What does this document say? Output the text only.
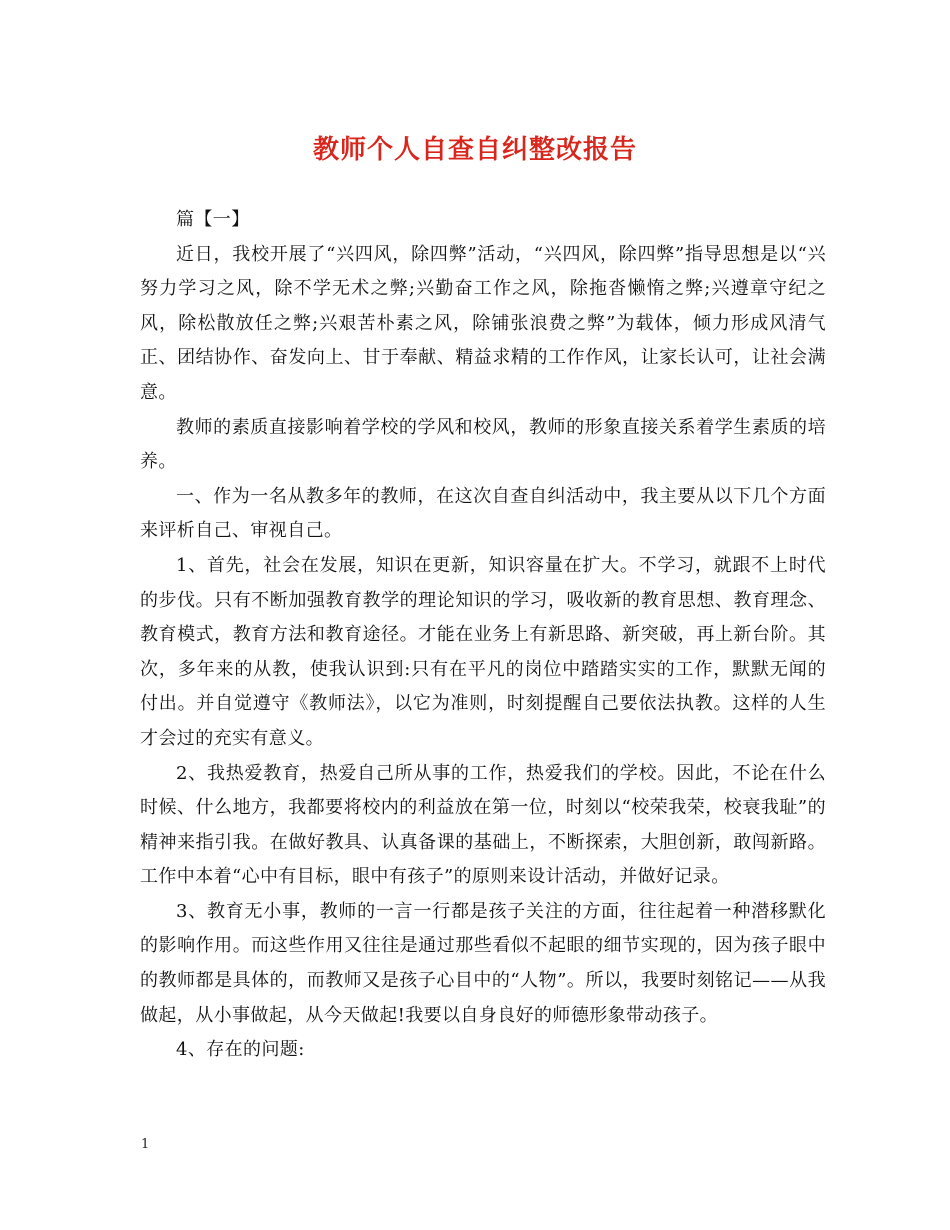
教师个人自查自纠整改报告

篇【一】

近日，我校开展了“兴四风，除四弊”活动，“兴四风，除四弊”指导思想是以“兴努力学习之风，除不学无术之弊;兴勤奋工作之风，除拖沓懒惰之弊;兴遵章守纪之风，除松散放任之弊;兴艰苦朴素之风，除铺张浪费之弊”为载体，倾力形成风清气正、团结协作、奋发向上、甘于奉献、精益求精的工作作风，让家长认可，让社会满意。

教师的素质直接影响着学校的学风和校风，教师的形象直接关系着学生素质的培养。

一、作为一名从教多年的教师，在这次自查自纠活动中，我主要从以下几个方面来评析自己、审视自己。

1、首先，社会在发展，知识在更新，知识容量在扩大。不学习，就跟不上时代的步伐。只有不断加强教育教学的理论知识的学习，吸收新的教育思想、教育理念、教育模式，教育方法和教育途径。才能在业务上有新思路、新突破，再上新台阶。其次，多年来的从教，使我认识到:只有在平凡的岗位中踏踏实实的工作，默默无闻的付出。并自觉遵守《教师法》，以它为准则，时刻提醒自己要依法执教。这样的人生才会过的充实有意义。

2、我热爱教育，热爱自己所从事的工作，热爱我们的学校。因此，不论在什么时候、什么地方，我都要将校内的利益放在第一位，时刻以“校荣我荣，校衰我耻”的精神来指引我。在做好教具、认真备课的基础上，不断探索，大胆创新，敢闯新路。工作中本着“心中有目标，眼中有孩子”的原则来设计活动，并做好记录。

3、教育无小事，教师的一言一行都是孩子关注的方面，往往起着一种潜移默化的影响作用。而这些作用又往往是通过那些看似不起眼的细节实现的，因为孩子眼中的教师都是具体的，而教师又是孩子心目中的“人物”。所以，我要时刻铭记——从我做起，从小事做起，从今天做起!我要以自身良好的师德形象带动孩子。

4、存在的问题:

1
